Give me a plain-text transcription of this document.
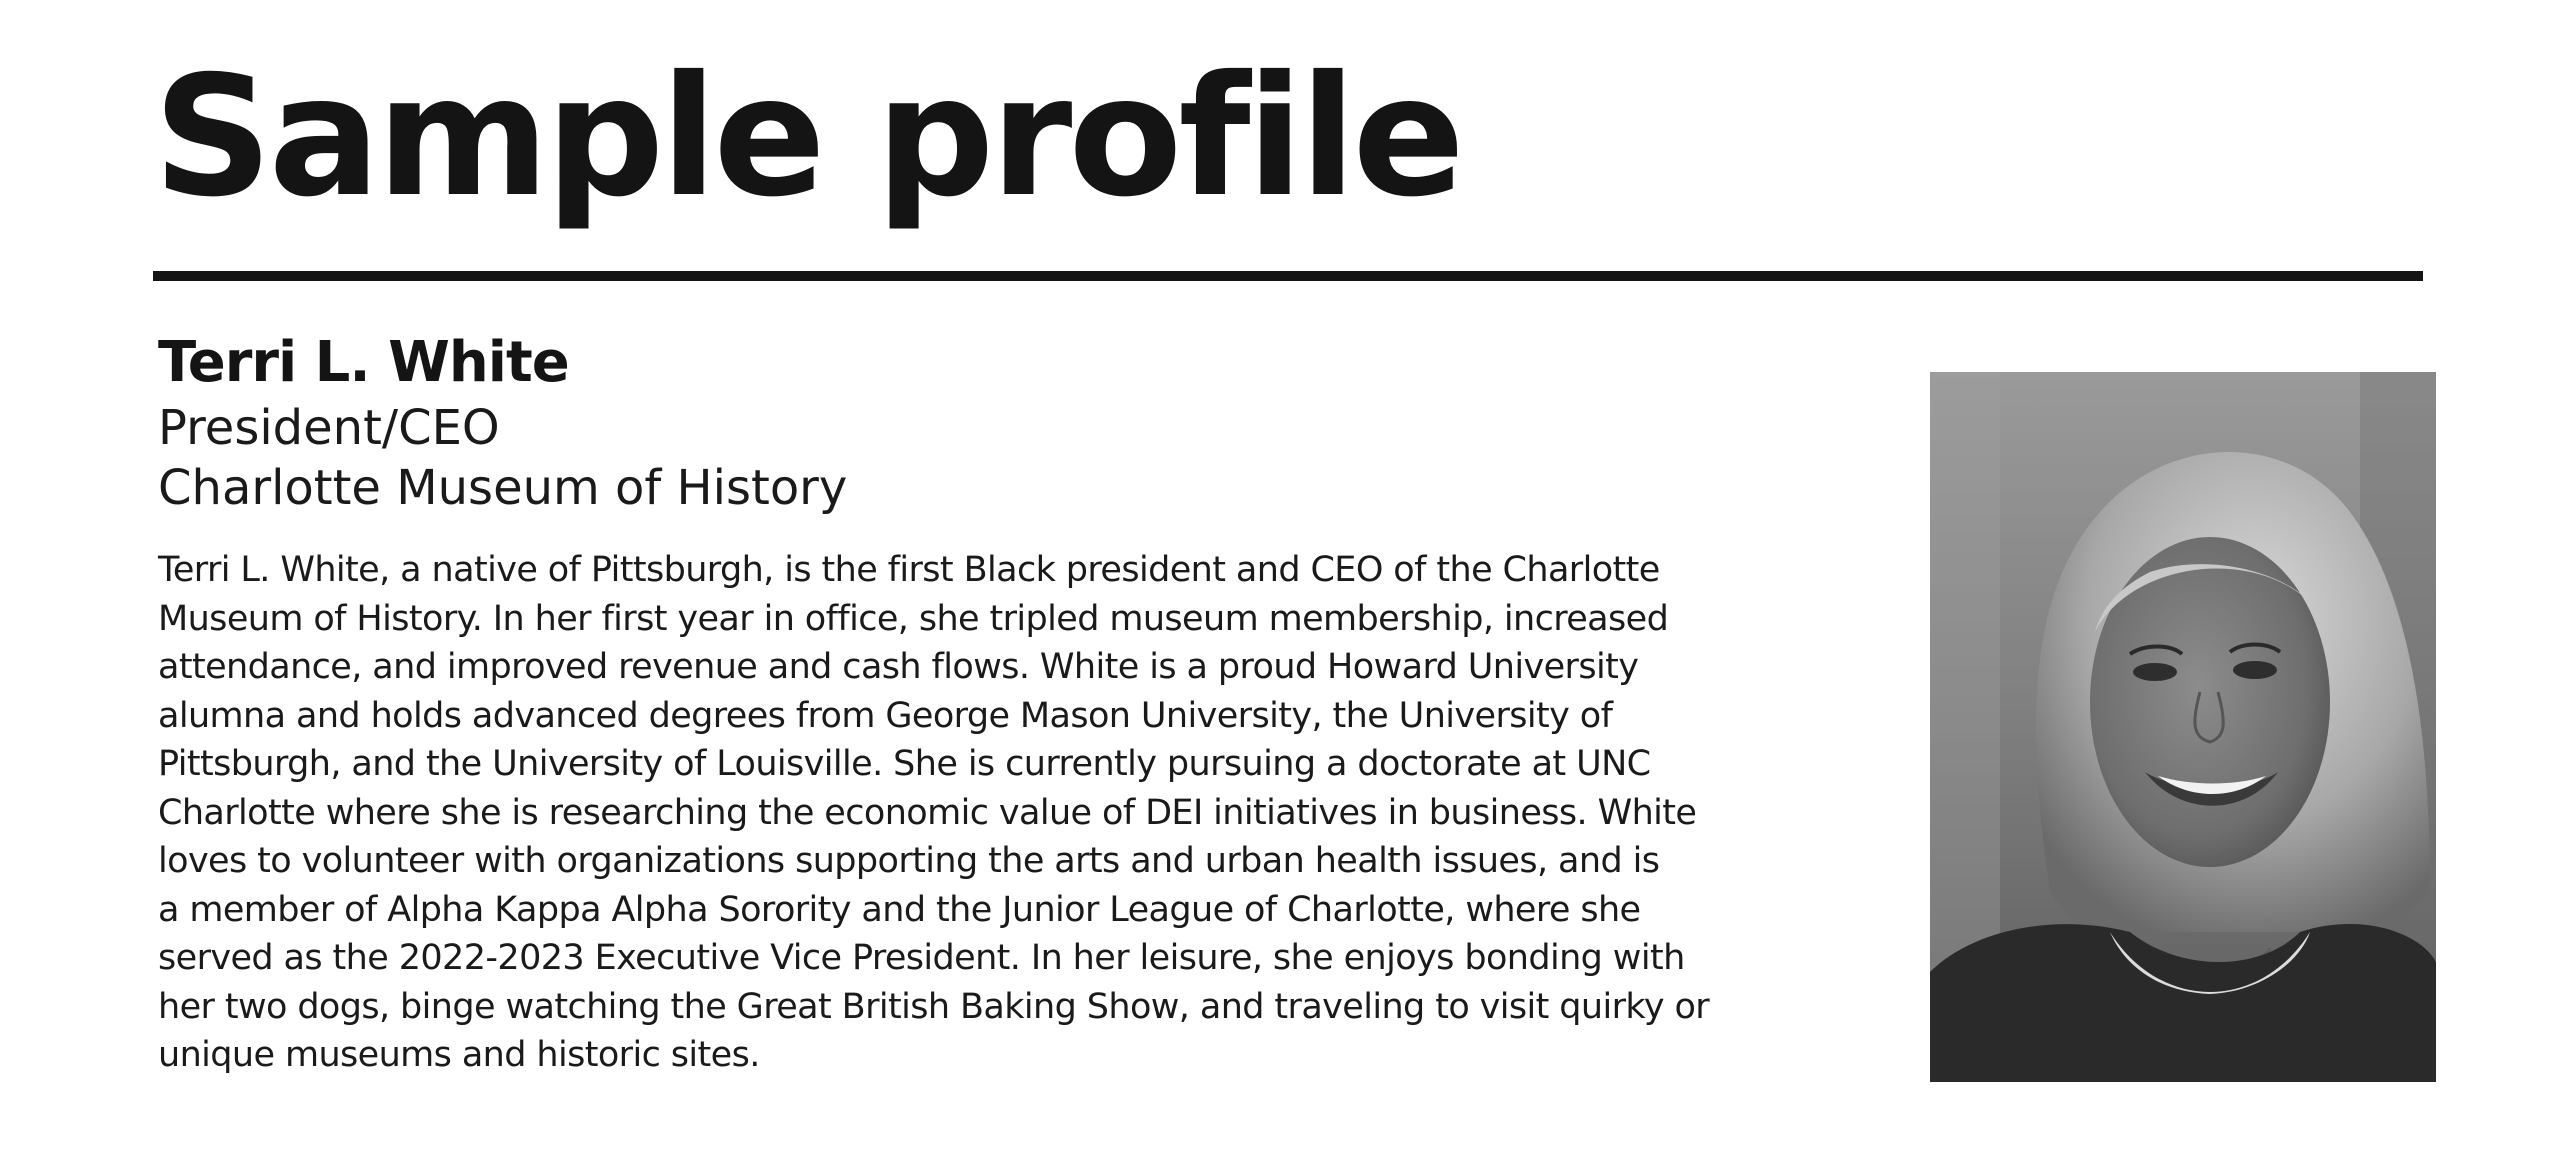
Sample profile
Terri L. White
President/CEO
Charlotte Museum of History
Terri L. White, a native of Pittsburgh, is the first Black president and CEO of the Charlotte
Museum of History. In her first year in office, she tripled museum membership, increased
attendance, and improved revenue and cash flows. White is a proud Howard University
alumna and holds advanced degrees from George Mason University, the University of
Pittsburgh, and the University of Louisville. She is currently pursuing a doctorate at UNC
Charlotte where she is researching the economic value of DEI initiatives in business. White
loves to volunteer with organizations supporting the arts and urban health issues, and is
a member of Alpha Kappa Alpha Sorority and the Junior League of Charlotte, where she
served as the 2022-2023 Executive Vice President. In her leisure, she enjoys bonding with
her two dogs, binge watching the Great British Baking Show, and traveling to visit quirky or
unique museums and historic sites.
